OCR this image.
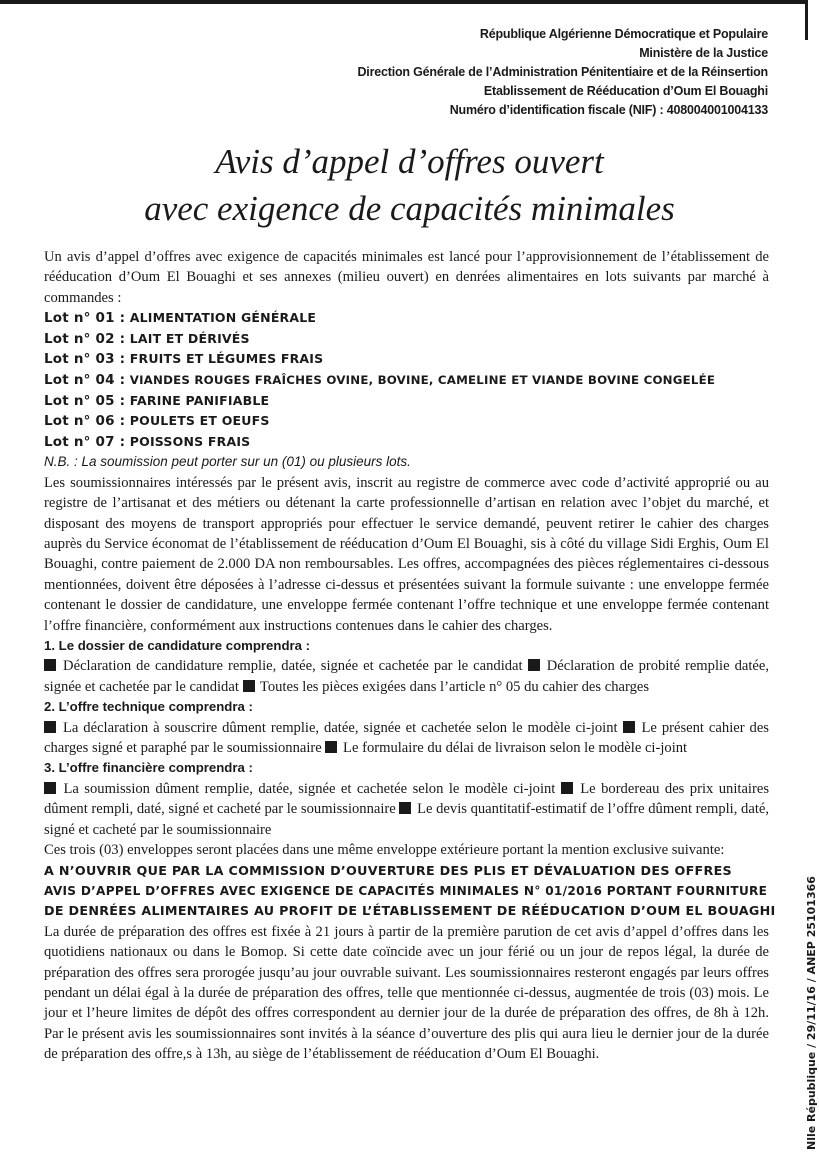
République Algérienne Démocratique et Populaire
Ministère de la Justice
Direction Générale de l’Administration Pénitentiaire et de la Réinsertion
Etablissement de Rééducation d’Oum El Bouaghi
Numéro d’identification fiscale (NIF) : 408004001004133
Avis d’appel d’offres ouvert
avec exigence de capacités minimales

Un avis d’appel d’offres avec exigence de capacités minimales est lancé pour l’approvisionnement de l’établissement de rééducation d’Oum El Bouaghi et ses annexes (milieu ouvert) en denrées alimentaires en lots suivants par marché à commandes :

Lot n° 01 : ALIMENTATION GÉNÉRALE
Lot n° 02 : LAIT ET DÉRIVÉS
Lot n° 03 : FRUITS ET LÉGUMES FRAIS
Lot n° 04 : VIANDES ROUGES FRAÎCHES OVINE, BOVINE, CAMELINE ET VIANDE BOVINE CONGELÉE
Lot n° 05 : FARINE PANIFIABLE
Lot n° 06 : POULETS ET OEUFS
Lot n° 07 : POISSONS FRAIS

N.B. : La soumission peut porter sur un (01) ou plusieurs lots.

Les soumissionnaires intéressés par le présent avis, inscrit au registre de commerce avec code d’activité approprié ou au registre de l’artisanat et des métiers ou détenant la carte professionnelle d’artisan en relation avec l’objet du marché, et disposant des moyens de transport appropriés pour effectuer le service demandé, peuvent retirer le cahier des charges auprès du Service économat de l’établissement de rééducation d’Oum El Bouaghi, sis à côté du village Sidi Erghis, Oum El Bouaghi, contre paiement de 2.000 DA non remboursables. Les offres, accompagnées des pièces réglementaires ci-dessous mentionnées, doivent être déposées à l’adresse ci-dessus et présentées suivant la formule suivante : une enveloppe fermée contenant le dossier de candidature, une enveloppe fermée contenant l’offre technique et une enveloppe fermée contenant l’offre financière, conformément aux instructions contenues dans le cahier des charges.

1. Le dossier de candidature comprendra :

Déclaration de candidature remplie, datée, signée et cachetée par le candidat Déclaration de probité remplie datée, signée et cachetée par le candidat Toutes les pièces exigées dans l’article n° 05 du cahier des charges

2. L’offre technique comprendra :

La déclaration à souscrire dûment remplie, datée, signée et cachetée selon le modèle ci-joint Le présent cahier des charges signé et paraphé par le soumissionnaire Le formulaire du délai de livraison selon le modèle ci-joint

3. L’offre financière comprendra :

La soumission dûment remplie, datée, signée et cachetée selon le modèle ci-joint Le bordereau des prix unitaires dûment rempli, daté, signé et cacheté par le soumissionnaire Le devis quantitatif-estimatif de l’offre dûment rempli, daté, signé et cacheté par le soumissionnaire

Ces trois (03) enveloppes seront placées dans une même enveloppe extérieure portant la mention exclusive suivante:

A N’OUVRIR QUE PAR LA COMMISSION D’OUVERTURE DES PLIS ET DÉVALUATION DES OFFRES
AVIS D’APPEL D’OFFRES AVEC EXIGENCE DE CAPACITÉS MINIMALES N° 01/2016 PORTANT FOURNITURE
DE DENRÉES ALIMENTAIRES AU PROFIT DE L’ÉTABLISSEMENT DE RÉÉDUCATION D’OUM EL BOUAGHI

La durée de préparation des offres est fixée à 21 jours à partir de la première parution de cet avis d’appel d’offres dans les quotidiens nationaux ou dans le Bomop. Si cette date coïncide avec un jour férié ou un jour de repos légal, la durée de préparation des offres sera prorogée jusqu’au jour ouvrable suivant. Les soumissionnaires resteront engagés par leurs offres pendant un délai égal à la durée de préparation des offres, telle que mentionnée ci-dessus, augmentée de trois (03) mois. Le jour et l’heure limites de dépôt des offres correspondent au dernier jour de la durée de préparation des offres, de 8h à 12h. Par le présent avis les soumissionnaires sont invités à la séance d’ouverture des plis qui aura lieu le dernier jour de la durée de préparation des offre,s à 13h, au siège de l’établissement de rééducation d’Oum El Bouaghi.	Nlle République / 29/11/16 / ANEP 25101366
